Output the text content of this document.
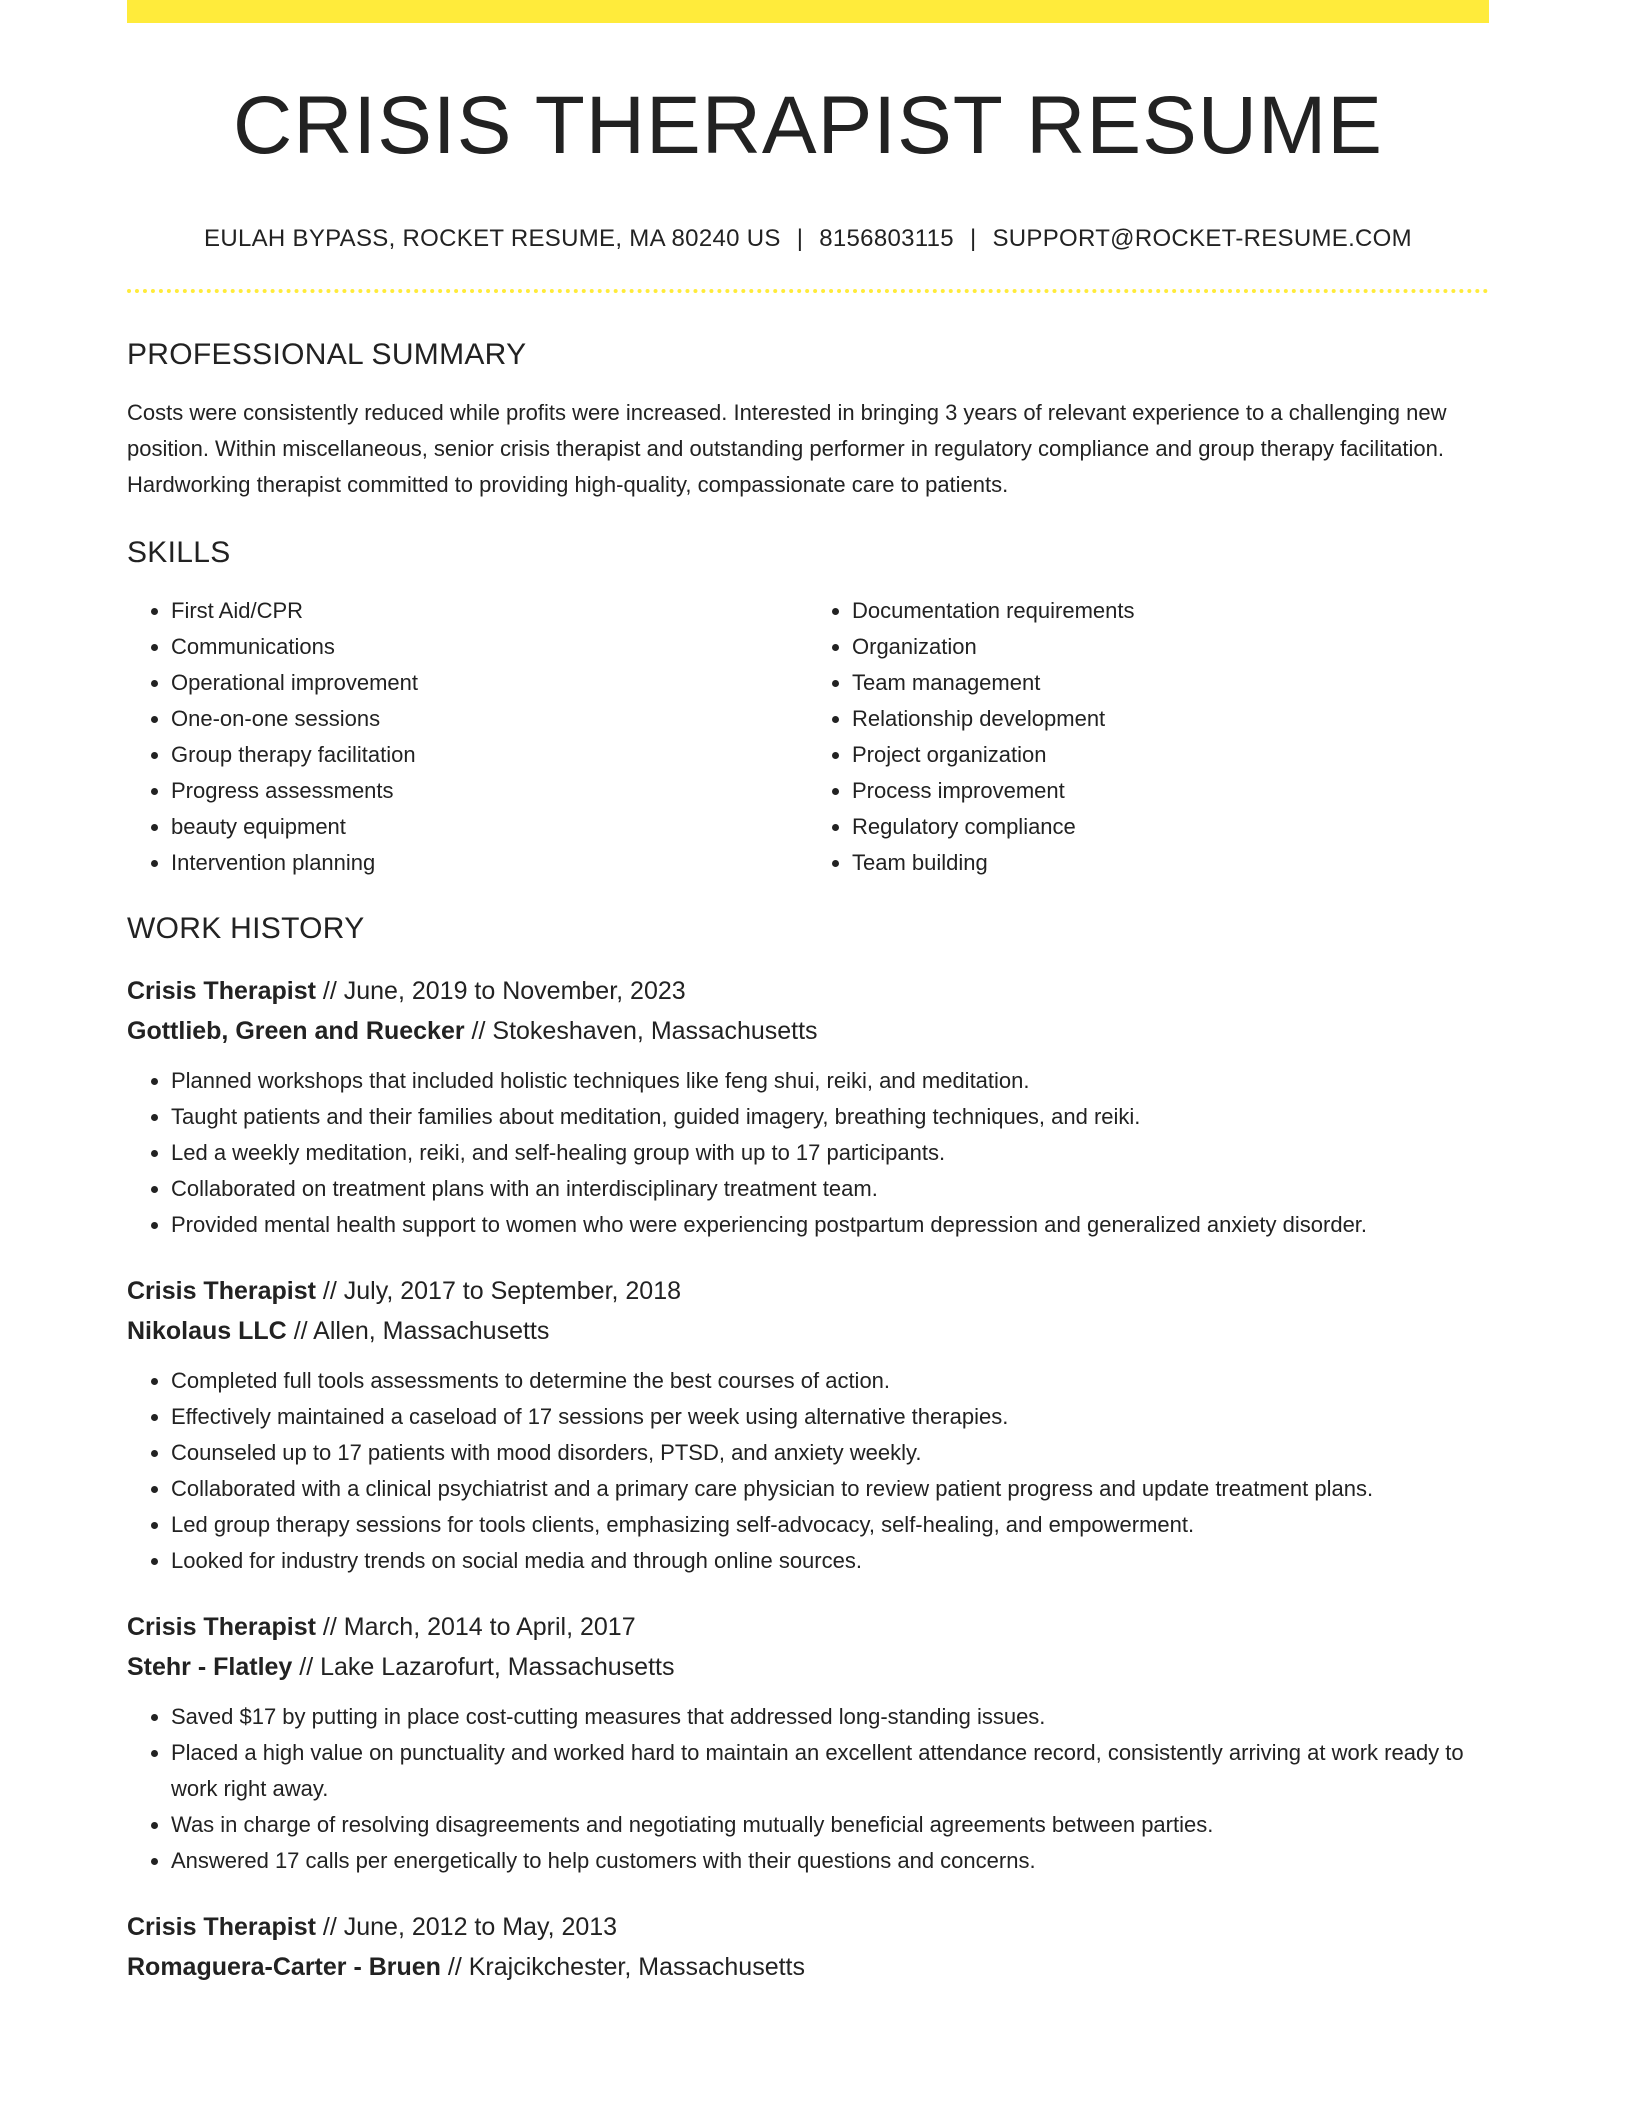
CRISIS THERAPIST RESUME
EULAH BYPASS, ROCKET RESUME, MA 80240 US | 8156803115 | SUPPORT@ROCKET-RESUME.COM
PROFESSIONAL SUMMARY

Costs were consistently reduced while profits were increased. Interested in bringing 3 years of relevant experience to a challenging new position. Within miscellaneous, senior crisis therapist and outstanding performer in regulatory compliance and group therapy facilitation. Hardworking therapist committed to providing high-quality, compassionate care to patients.

SKILLS
• First Aid/CPR
• Communications
• Operational improvement
• One-on-one sessions
• Group therapy facilitation
• Progress assessments
• beauty equipment
• Intervention planning
• Documentation requirements
• Organization
• Team management
• Relationship development
• Project organization
• Process improvement
• Regulatory compliance
• Team building
WORK HISTORY
Crisis Therapist // June, 2019 to November, 2023
Gottlieb, Green and Ruecker // Stokeshaven, Massachusetts
• Planned workshops that included holistic techniques like feng shui, reiki, and meditation.
• Taught patients and their families about meditation, guided imagery, breathing techniques, and reiki.
• Led a weekly meditation, reiki, and self-healing group with up to 17 participants.
• Collaborated on treatment plans with an interdisciplinary treatment team.
• Provided mental health support to women who were experiencing postpartum depression and generalized anxiety disorder.
Crisis Therapist // July, 2017 to September, 2018
Nikolaus LLC // Allen, Massachusetts
• Completed full tools assessments to determine the best courses of action.
• Effectively maintained a caseload of 17 sessions per week using alternative therapies.
• Counseled up to 17 patients with mood disorders, PTSD, and anxiety weekly.
• Collaborated with a clinical psychiatrist and a primary care physician to review patient progress and update treatment plans.
• Led group therapy sessions for tools clients, emphasizing self-advocacy, self-healing, and empowerment.
• Looked for industry trends on social media and through online sources.
Crisis Therapist // March, 2014 to April, 2017
Stehr - Flatley // Lake Lazarofurt, Massachusetts
• Saved $17 by putting in place cost-cutting measures that addressed long-standing issues.
• Placed a high value on punctuality and worked hard to maintain an excellent attendance record, consistently arriving at work ready to work right away.
• Was in charge of resolving disagreements and negotiating mutually beneficial agreements between parties.
• Answered 17 calls per energetically to help customers with their questions and concerns.
Crisis Therapist // June, 2012 to May, 2013
Romaguera-Carter - Bruen // Krajcikchester, Massachusetts
